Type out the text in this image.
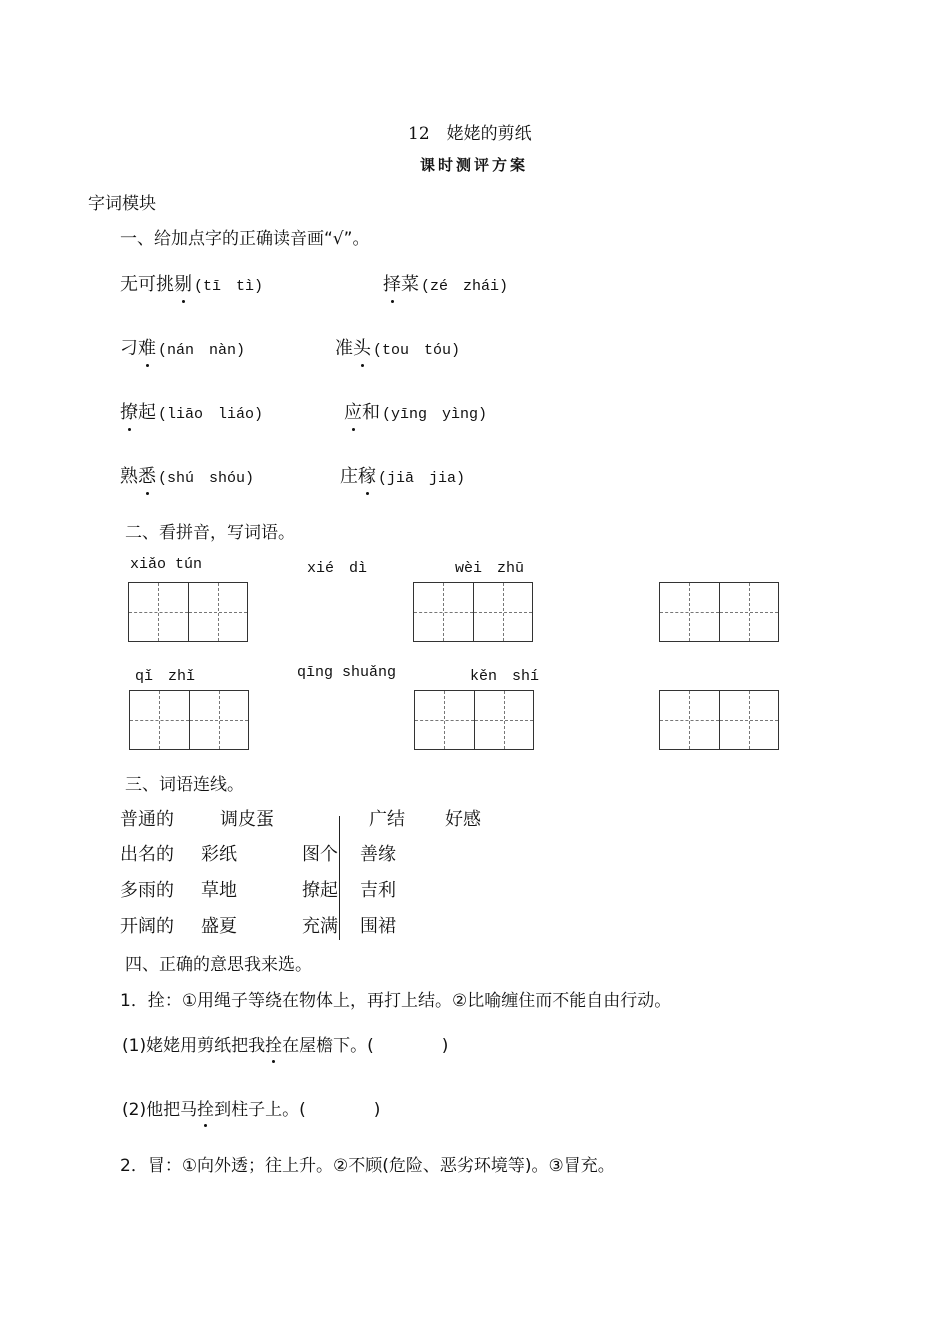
12　姥姥的剪纸
课时测评方案
字词模块
一、给加点字的正确读音画“√”。
无可挑剔 (tī　tì)	择菜 (zé　zhái)
刁难 (nán　nàn)	准头 (tou　tóu)
撩起 (liāo　liáo)	应和 (yīng　yìng)
熟悉 (shú　shóu)	庄稼 (jiā　jia)
二、看拼音，写词语。
xiǎo tún	xié　dì	wèi　zhū
qǐ　zhǐ	qīng shuǎng	kěn　shí
三、词语连线。
普通的	调皮蛋	广结 好感
出名的 彩纸	图个 善缘
多雨的 草地	撩起 吉利
开阔的 盛夏	充满 围裙
四、正确的意思我来选。
1．拴：①用绳子等绕在物体上，再打上结。②比喻缠住而不能自由行动。
(1)姥姥用剪纸把我拴在屋檐下。(　　　　)
(2)他把马拴到柱子上。(　　　　)
2．冒：①向外透；往上升。②不顾(危险、恶劣环境等)。③冒充。
